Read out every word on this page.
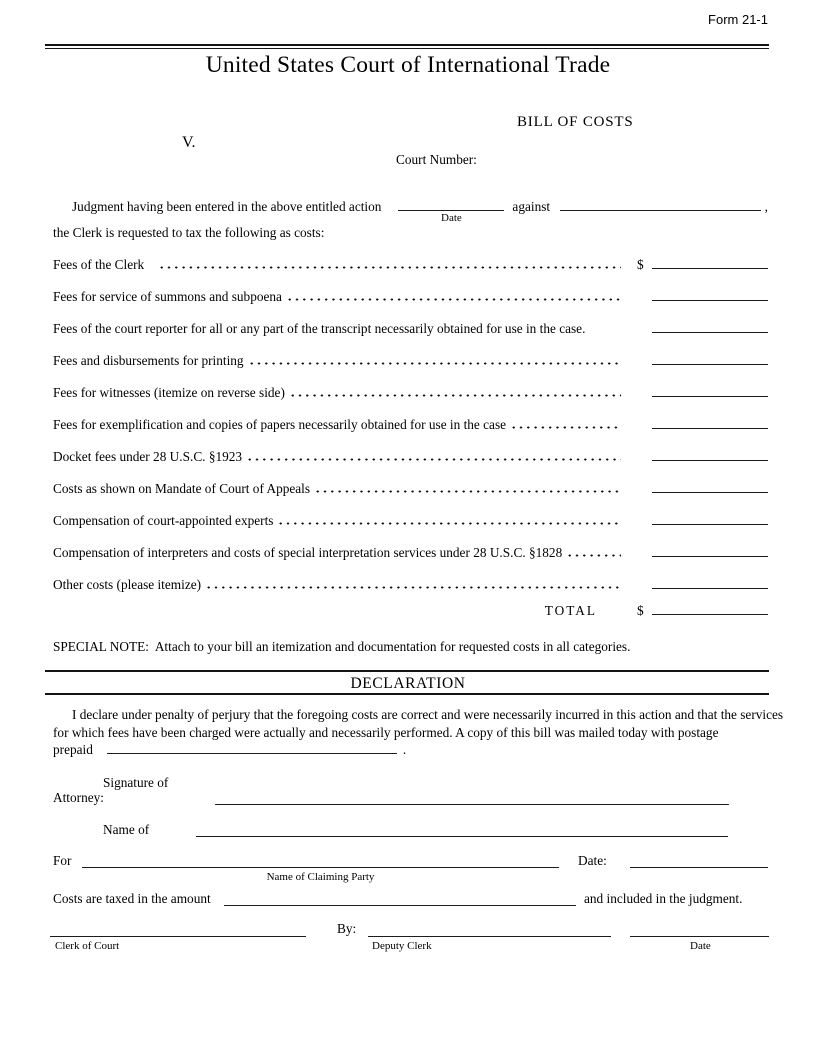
Form 21-1
United States Court of International Trade
BILL OF COSTS
V.
Court Number:
Judgment having been entered in the above entitled action
Date
against	,
the Clerk is requested to tax the following as costs:
Fees of the Clerk	$
Fees for service of summons and subpoena
Fees of the court reporter for all or any part of the transcript necessarily obtained for use in the case.
Fees and disbursements for printing
Fees for witnesses (itemize on reverse side)
Fees for exemplification and copies of papers necessarily obtained for use in the case
Docket fees under 28 U.S.C. §1923
Costs as shown on Mandate of Court of Appeals
Compensation of court-appointed experts
Compensation of interpreters and costs of special interpretation services under 28 U.S.C. §1828
Other costs (please itemize)
TOTAL	$
SPECIAL NOTE:  Attach to your bill an itemization and documentation for requested costs in all categories.
DECLARATION
I declare under penalty of perjury that the foregoing costs are correct and were necessarily incurred in this action and that the services
for which fees have been charged were actually and necessarily performed. A copy of this bill was mailed today with postage
prepaid	.
Signature of
Attorney:
Name of
For	Date:
Name of Claiming Party
Costs are taxed in the amount	and included in the judgment.
By:
Clerk of Court	Deputy Clerk	Date
